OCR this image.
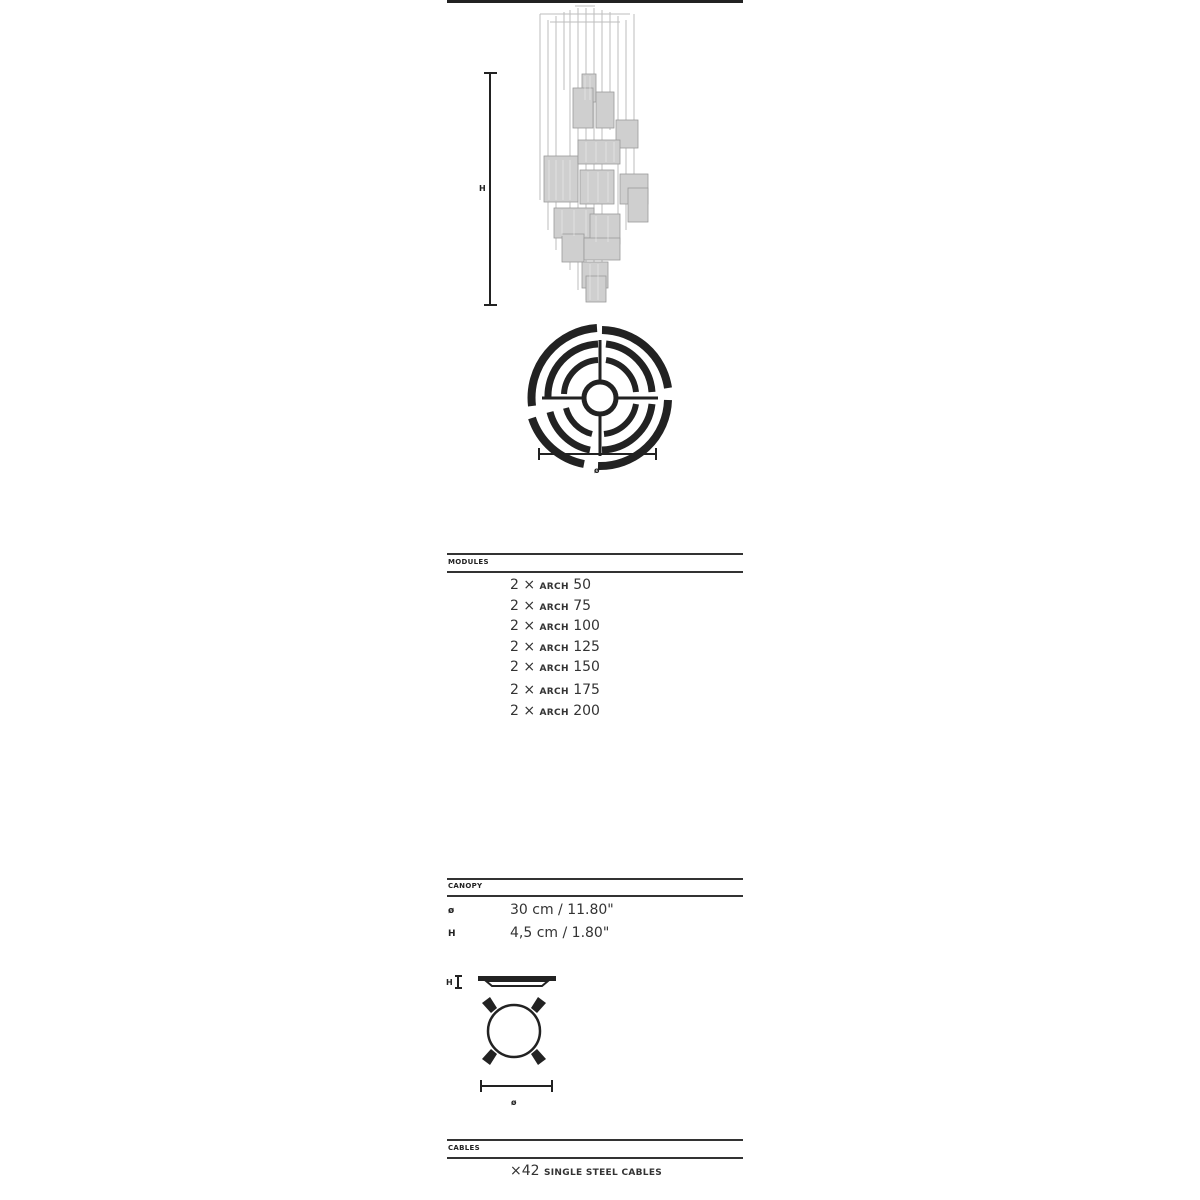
H
ø
MODULES
2 × ARCH 50
2 × ARCH 75
2 × ARCH 100
2 × ARCH 125
2 × ARCH 150
2 × ARCH 175
2 × ARCH 200
CANOPY
ø	30 cm / 11.80"
H	4,5 cm / 1.80"
H
ø
CABLES
×42 SINGLE STEEL CABLES
